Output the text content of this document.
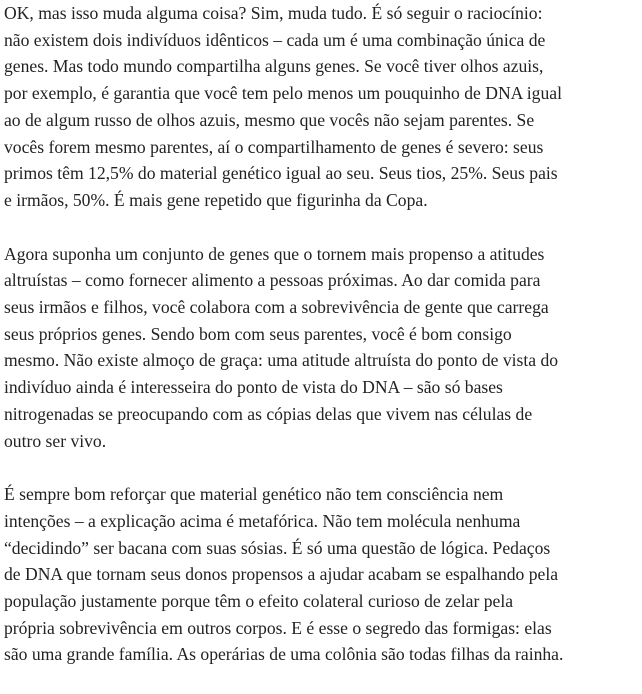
OK, mas isso muda alguma coisa? Sim, muda tudo. É só seguir o raciocínio:
não existem dois indivíduos idênticos – cada um é uma combinação única de
genes. Mas todo mundo compartilha alguns genes. Se você tiver olhos azuis,
por exemplo, é garantia que você tem pelo menos um pouquinho de DNA igual
ao de algum russo de olhos azuis, mesmo que vocês não sejam parentes. Se
vocês forem mesmo parentes, aí o compartilhamento de genes é severo: seus
primos têm 12,5% do material genético igual ao seu. Seus tios, 25%. Seus pais
e irmãos, 50%. É mais gene repetido que figurinha da Copa.

Agora suponha um conjunto de genes que o tornem mais propenso a atitudes
altruístas – como fornecer alimento a pessoas próximas. Ao dar comida para
seus irmãos e filhos, você colabora com a sobrevivência de gente que carrega
seus próprios genes. Sendo bom com seus parentes, você é bom consigo
mesmo. Não existe almoço de graça: uma atitude altruísta do ponto de vista do
indivíduo ainda é interesseira do ponto de vista do DNA – são só bases
nitrogenadas se preocupando com as cópias delas que vivem nas células de
outro ser vivo.

É sempre bom reforçar que material genético não tem consciência nem
intenções – a explicação acima é metafórica. Não tem molécula nenhuma
“decidindo” ser bacana com suas sósias. É só uma questão de lógica. Pedaços
de DNA que tornam seus donos propensos a ajudar acabam se espalhando pela
população justamente porque têm o efeito colateral curioso de zelar pela
própria sobrevivência em outros corpos. E é esse o segredo das formigas: elas
são uma grande família. As operárias de uma colônia são todas filhas da rainha.
